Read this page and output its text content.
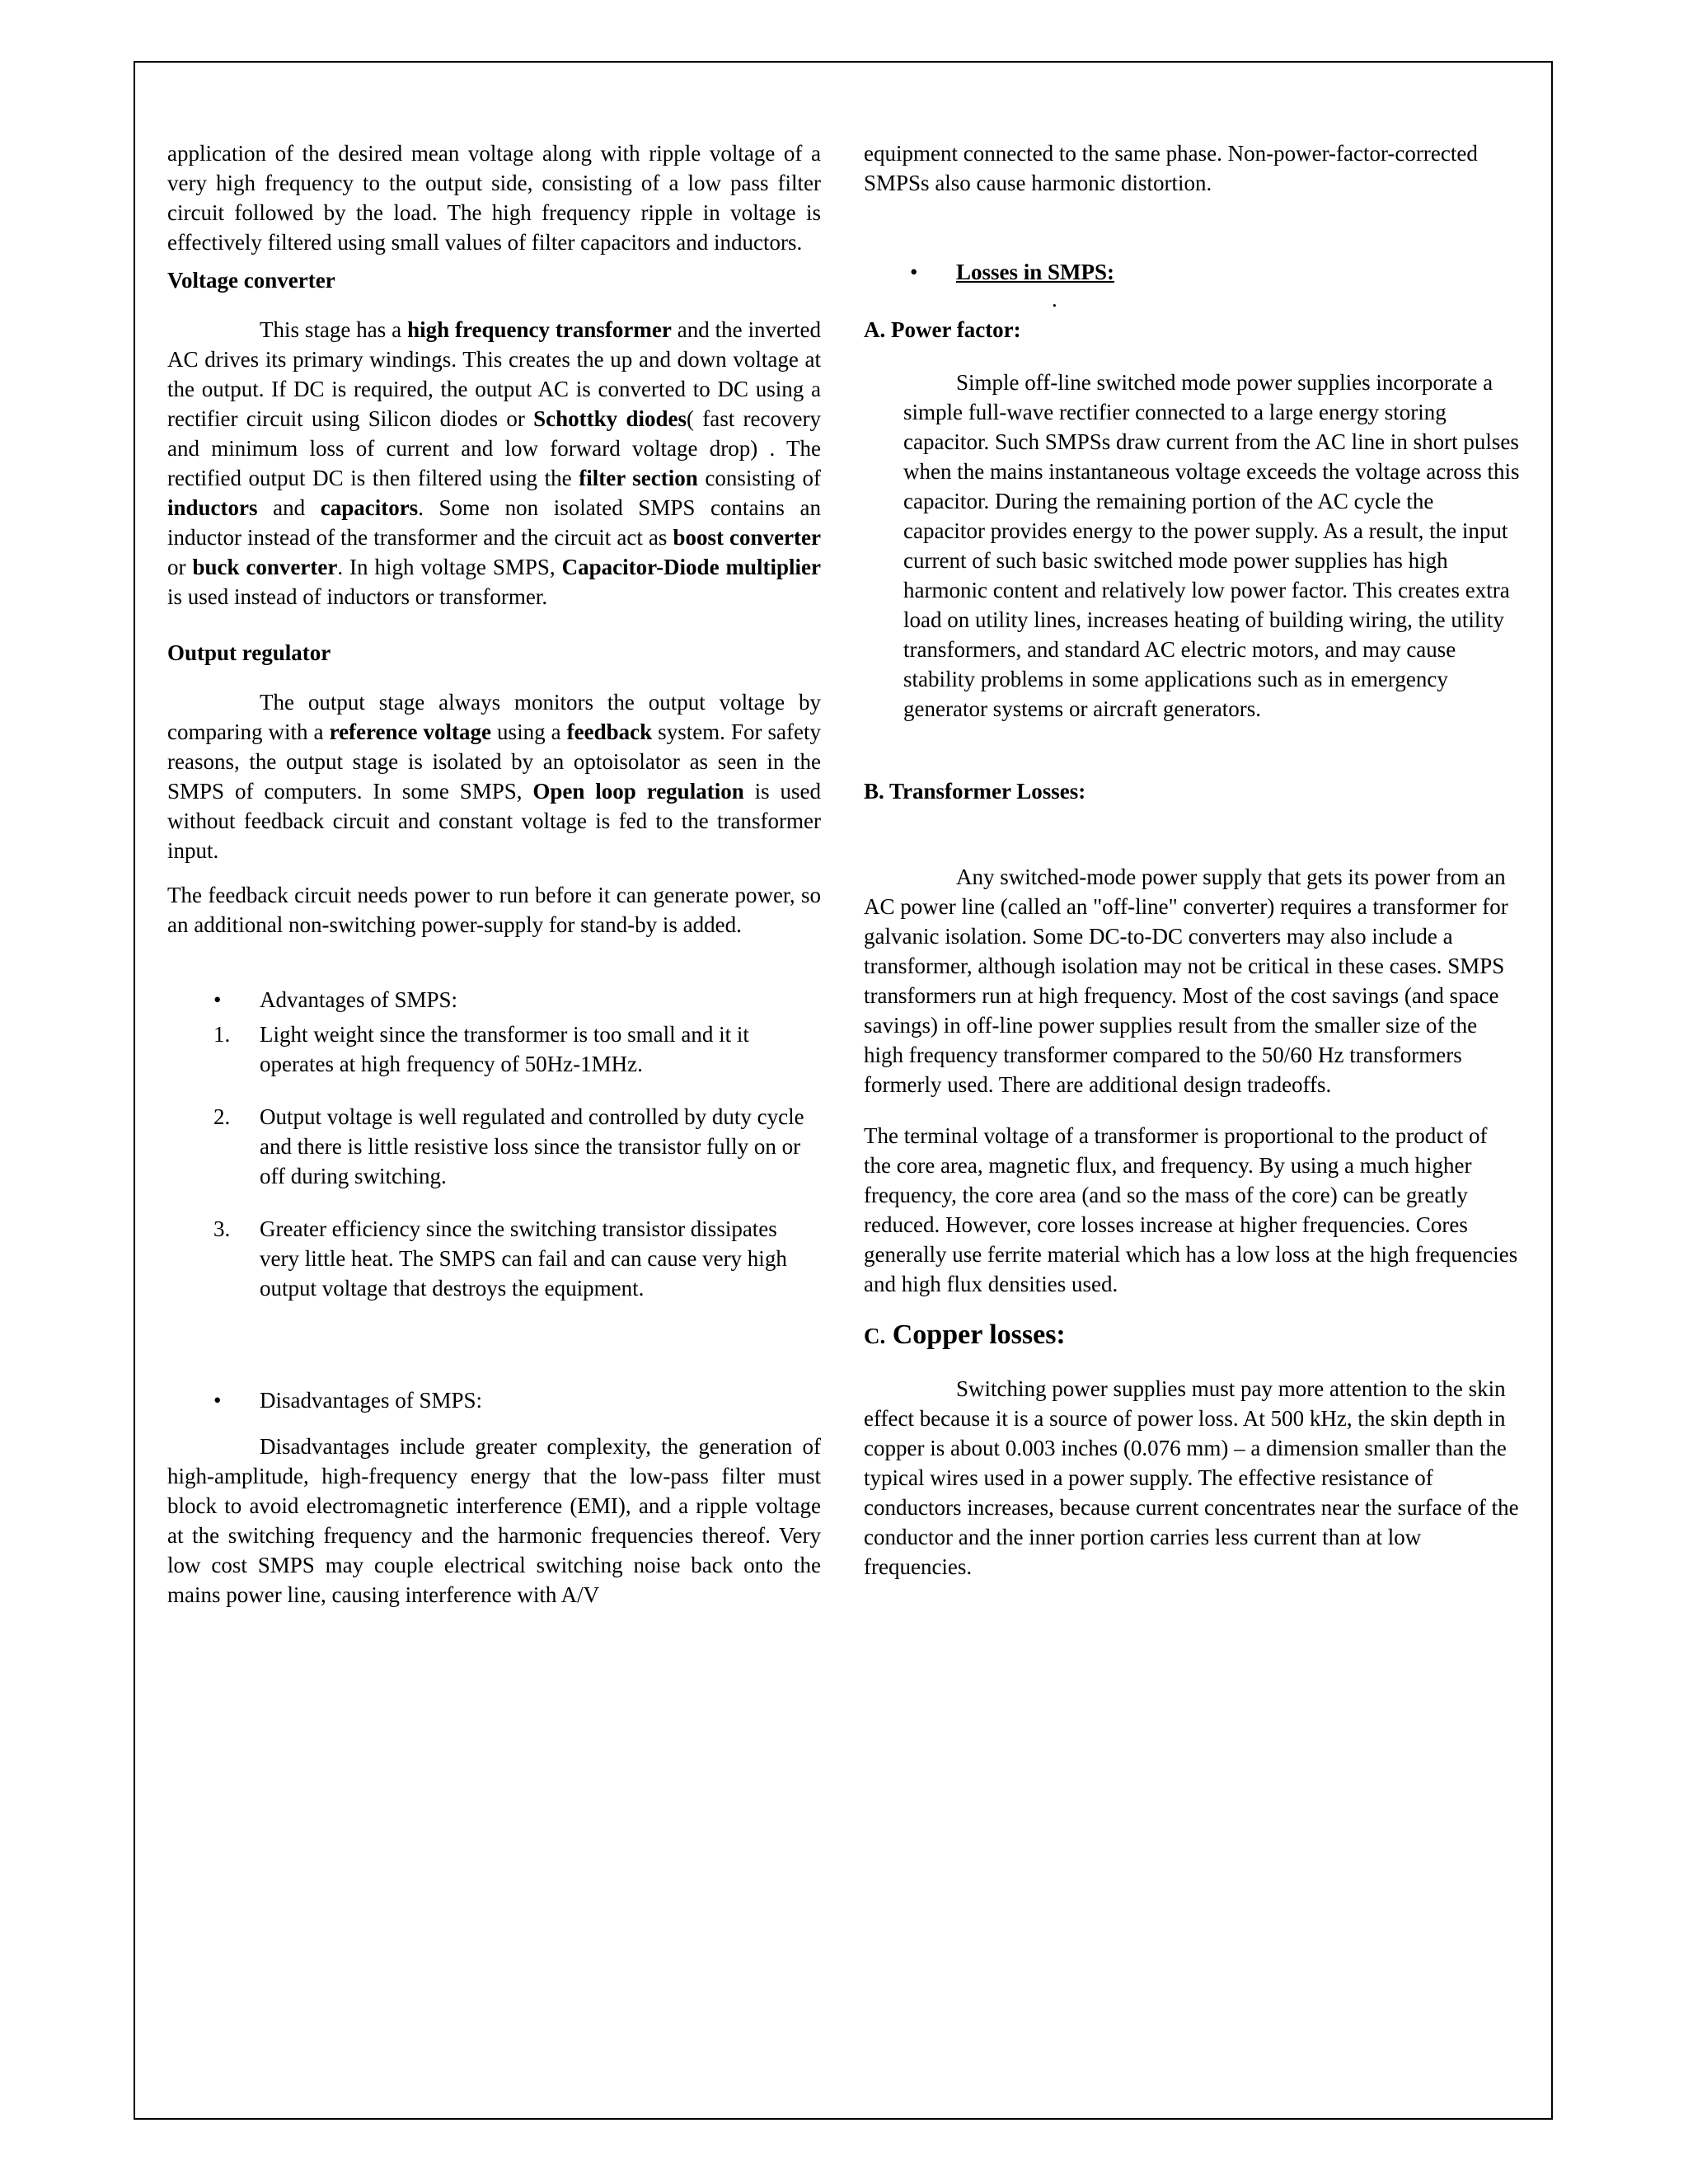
application of the desired mean voltage along with ripple voltage of a very high frequency to the output side, consisting of a low pass filter circuit followed by the load. The high frequency ripple in voltage is effectively filtered using small values of filter capacitors and inductors.

Voltage converter

This stage has a high frequency transformer and the inverted AC drives its primary windings. This creates the up and down voltage at the output. If DC is required, the output AC is converted to DC using a rectifier circuit using Silicon diodes or Schottky diodes( fast recovery and minimum loss of current and low forward voltage drop) . The rectified output DC is then filtered using the filter section consisting of inductors and capacitors. Some non isolated SMPS contains an inductor instead of the transformer and the circuit act as boost converter or buck converter. In high voltage SMPS, Capacitor-Diode multiplier is used instead of inductors or transformer.

Output regulator

The output stage always monitors the output voltage by comparing with a reference voltage using a feedback system. For safety reasons, the output stage is isolated by an optoisolator as seen in the SMPS of computers. In some SMPS, Open loop regulation is used without feedback circuit and constant voltage is fed to the transformer input.

The feedback circuit needs power to run before it can generate power, so an additional non-switching power-supply for stand-by is added.

• Advantages of SMPS:

1. Light weight since the transformer is too small and it it operates at high frequency of 50Hz-1MHz.

2. Output voltage is well regulated and controlled by duty cycle and there is little resistive loss since the transistor fully on or off during switching.

3. Greater efficiency since the switching transistor dissipates very little heat. The SMPS can fail and can cause very high output voltage that destroys the equipment.

• Disadvantages of SMPS:

Disadvantages include greater complexity, the generation of high-amplitude, high-frequency energy that the low-pass filter must block to avoid electromagnetic interference (EMI), and a ripple voltage at the switching frequency and the harmonic frequencies thereof. Very low cost SMPS may couple electrical switching noise back onto the mains power line, causing interference with A/V

equipment connected to the same phase. Non-power-factor-corrected SMPSs also cause harmonic distortion.

• Losses in SMPS:

.

A. Power factor:

Simple off-line switched mode power supplies incorporate a simple full-wave rectifier connected to a large energy storing capacitor. Such SMPSs draw current from the AC line in short pulses when the mains instantaneous voltage exceeds the voltage across this capacitor. During the remaining portion of the AC cycle the capacitor provides energy to the power supply. As a result, the input current of such basic switched mode power supplies has high harmonic content and relatively low power factor. This creates extra load on utility lines, increases heating of building wiring, the utility transformers, and standard AC electric motors, and may cause stability problems in some applications such as in emergency generator systems or aircraft generators.

B. Transformer Losses:

Any switched-mode power supply that gets its power from an AC power line (called an "off-line" converter) requires a transformer for galvanic isolation. Some DC-to-DC converters may also include a transformer, although isolation may not be critical in these cases. SMPS transformers run at high frequency. Most of the cost savings (and space savings) in off-line power supplies result from the smaller size of the high frequency transformer compared to the 50/60 Hz transformers formerly used. There are additional design tradeoffs.

The terminal voltage of a transformer is proportional to the product of the core area, magnetic flux, and frequency. By using a much higher frequency, the core area (and so the mass of the core) can be greatly reduced. However, core losses increase at higher frequencies. Cores generally use ferrite material which has a low loss at the high frequencies and high flux densities used.

C. Copper losses:

Switching power supplies must pay more attention to the skin effect because it is a source of power loss. At 500 kHz, the skin depth in copper is about 0.003 inches (0.076 mm) – a dimension smaller than the typical wires used in a power supply. The effective resistance of conductors increases, because current concentrates near the surface of the conductor and the inner portion carries less current than at low frequencies.
